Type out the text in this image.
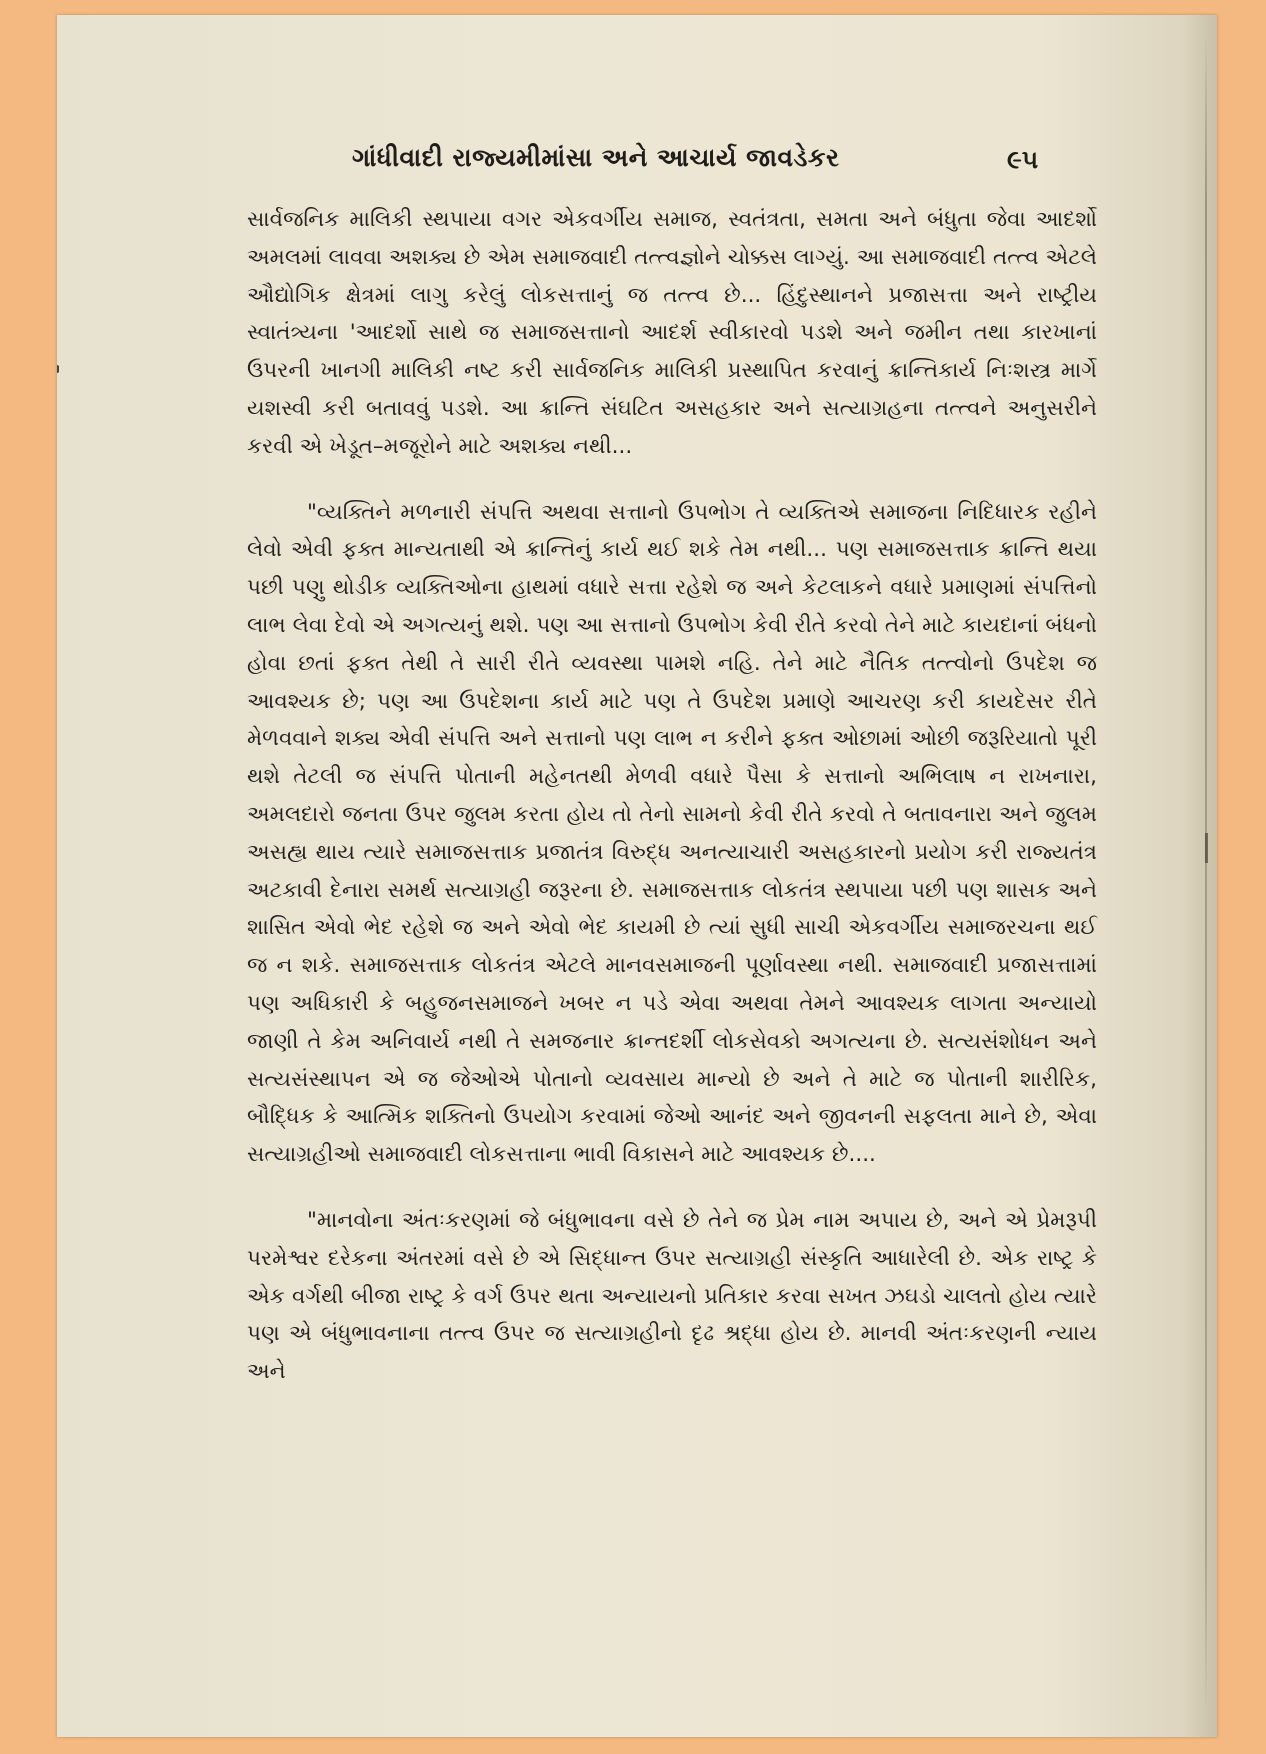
ગાંધીવાદી રાજ્યમીમાંસા અને આચાર્ય જાવડેકર	૯૫

સાર્વજનિક માલિકી સ્થપાયા વગર એકવર્ગીય સમાજ, સ્વતંત્રતા, સમતા અને બંધુતા જેવા આદર્શો અમલમાં લાવવા અશક્ય છે એમ સમાજવાદી તત્ત્વજ્ઞોને ચોક્કસ લાગ્યું. આ સમાજવાદી તત્ત્વ એટલે ઔદ્યોગિક ક્ષેત્રમાં લાગુ કરેલું લોકસત્તાનું જ તત્ત્વ છે... હિંદુસ્થાનને પ્રજાસત્તા અને રાષ્ટ્રીય સ્વાતંત્ર્યના 'આદર્શો સાથે જ સમાજસત્તાનો આદર્શ સ્વીકારવો પડશે અને જમીન તથા કારખાનાં ઉપરની ખાનગી માલિકી નષ્ટ કરી સાર્વજનિક માલિકી પ્રસ્થાપિત કરવાનું ક્રાન્તિકાર્ય નિઃશસ્ત્ર માર્ગે યશસ્વી કરી બતાવવું પડશે. આ ક્રાન્તિ સંઘટિત અસહકાર અને સત્યાગ્રહના તત્ત્વને અનુસરીને કરવી એ ખેડૂત–મજૂરોને માટે અશક્ય નથી...

"વ્યક્તિને મળનારી સંપત્તિ અથવા સત્તાનો ઉપભોગ તે વ્યક્તિએ સમાજના નિદિધારક રહીને લેવો એવી ફક્ત માન્યતાથી એ ક્રાન્તિનું કાર્ય થઈ શકે તેમ નથી... પણ સમાજસત્તાક ક્રાન્તિ થયા પછી પણુ થોડીક વ્યક્તિઓના હાથમાં વધારે સત્તા રહેશે જ અને કેટલાકને વધારે પ્રમાણમાં સંપત્તિનો લાભ લેવા દેવો એ અગત્યનું થશે. પણ આ સત્તાનો ઉપભોગ કેવી રીતે કરવો તેને માટે કાયદાનાં બંધનો હોવા છતાં ફક્ત તેથી તે સારી રીતે વ્યવસ્થા પામશે નહિ. તેને માટે નૈતિક તત્ત્વોનો ઉપદેશ જ આવશ્યક છે; પણ આ ઉપદેશના કાર્ય માટે પણ તે ઉપદેશ પ્રમાણે આચરણ કરી કાયદેસર રીતે મેળવવાને શક્ય એવી સંપત્તિ અને સત્તાનો પણ લાભ ન કરીને ફક્ત ઓછામાં ઓછી જરૂરિયાતો પૂરી થશે તેટલી જ સંપત્તિ પોતાની મહેનતથી મેળવી વધારે પૈસા કે સત્તાનો અભિલાષ ન રાખનારા, અમલદારો જનતા ઉપર જુલમ કરતા હોય તો તેનો સામનો કેવી રીતે કરવો તે બતાવનારા અને જુલમ અસહ્ય થાય ત્યારે સમાજસત્તાક પ્રજાતંત્ર વિરુદ્ધ અનત્યાચારી અસહકારનો પ્રયોગ કરી રાજ્યતંત્ર અટકાવી દેનારા સમર્થ સત્યાગ્રહી જરૂરના છે. સમાજસત્તાક લોકતંત્ર સ્થપાયા પછી પણ શાસક અને શાસિત એવો ભેદ રહેશે જ અને એવો ભેદ કાયમી છે ત્યાં સુધી સાચી એકવર્ગીય સમાજરચના થઈ જ ન શકે. સમાજસત્તાક લોકતંત્ર એટલે માનવસમાજની પૂર્ણાવસ્થા નથી. સમાજવાદી પ્રજાસત્તામાં પણ અધિકારી કે બહુજનસમાજને ખબર ન પડે એવા અથવા તેમને આવશ્યક લાગતા અન્યાયો જાણી તે કેમ અનિવાર્ય નથી તે સમજનાર ક્રાન્તદર્શી લોકસેવકો અગત્યના છે. સત્યસંશોધન અને સત્યસંસ્થાપન એ જ જેઓએ પોતાનો વ્યવસાય માન્યો છે અને તે માટે જ પોતાની શારીરિક, બૌદ્ધિક કે આત્મિક શક્તિનો ઉપયોગ કરવામાં જેઓ આનંદ અને જીવનની સફલતા માને છે, એવા સત્યાગ્રહીઓ સમાજવાદી લોકસત્તાના ભાવી વિકાસને માટે આવશ્યક છે....

"માનવોના અંતઃકરણમાં જે બંધુભાવના વસે છે તેને જ પ્રેમ નામ અપાય છે, અને એ પ્રેમરૂપી પરમેશ્વર દરેકના અંતરમાં વસે છે એ સિદ્ધાન્ત ઉપર સત્યાગ્રહી સંસ્કૃતિ આધારેલી છે. એક રાષ્ટ્ર કે એક વર્ગથી બીજા રાષ્ટ્ર કે વર્ગ ઉપર થતા અન્યાયનો પ્રતિકાર કરવા સખત ઝઘડો ચાલતો હોય ત્યારે પણ એ બંધુભાવનાના તત્ત્વ ઉપર જ સત્યાગ્રહીનો દૃઢ શ્રદ્ધા હોય છે. માનવી અંતઃકરણની ન્યાય અને
